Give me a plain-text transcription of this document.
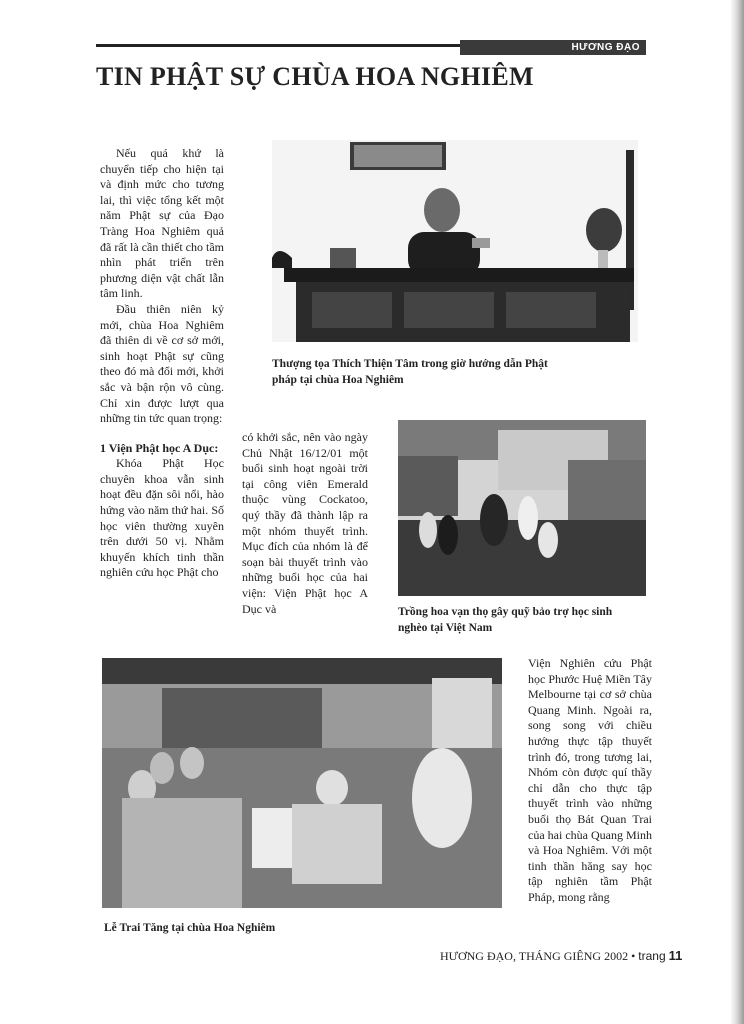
HƯƠNG ĐẠO
TIN PHẬT SỰ CHÙA HOA NGHIÊM

Nếu quá khứ là chuyển tiếp cho hiện tại và định mức cho tương lai, thì việc tổng kết một năm Phật sự của Đạo Tràng Hoa Nghiêm quả đã rất là cần thiết cho tầm nhìn phát triển trên phương diện vật chất lẫn tâm linh.

Đầu thiên niên kỷ mới, chùa Hoa Nghiêm đã thiên di về cơ sở mới, sinh hoạt Phật sự cũng theo đó mà đổi mới, khởi sắc và bận rộn vô cùng. Chỉ xin được lượt qua những tin tức quan trọng:

1 Viện Phật học A Dục:

Khóa Phật Học chuyên khoa vẫn sinh hoạt đều đặn sôi nổi, hào hứng vào năm thứ hai. Số học viên thường xuyên trên dưới 50 vị. Nhằm khuyến khích tinh thần nghiên cứu học Phật cho

Thượng tọa Thích Thiện Tâm trong giờ hướng dẫn Phật pháp tại chùa Hoa Nghiêm

có khởi sắc, nên vào ngày Chủ Nhật 16/12/01 một buổi sinh hoạt ngoài trời tại công viên Emerald thuộc vùng Cockatoo, quý thầy đã thành lập ra một nhóm thuyết trình. Mục đích của nhóm là để soạn bài thuyết trình vào những buổi học của hai viện: Viện Phật học A Dục và	Trồng hoa vạn thọ gây quỹ bảo trợ học sinh nghèo tại Việt Nam

Lễ Trai Tăng tại chùa Hoa Nghiêm

Viện Nghiên cứu Phật học Phước Huệ Miền Tây Melbourne tại cơ sở chùa Quang Minh. Ngoài ra, song song với chiều hướng thực tập thuyết trình đó, trong tương lai, Nhóm còn được quí thầy chỉ dẫn cho thực tập thuyết trình vào những buổi thọ Bát Quan Trai của hai chùa Quang Minh và Hoa Nghiêm. Với một tinh thần hăng say học tập nghiên tầm Phật Pháp, mong rằng

HƯƠNG ĐẠO, THÁNG GIÊNG 2002 • trang 11
